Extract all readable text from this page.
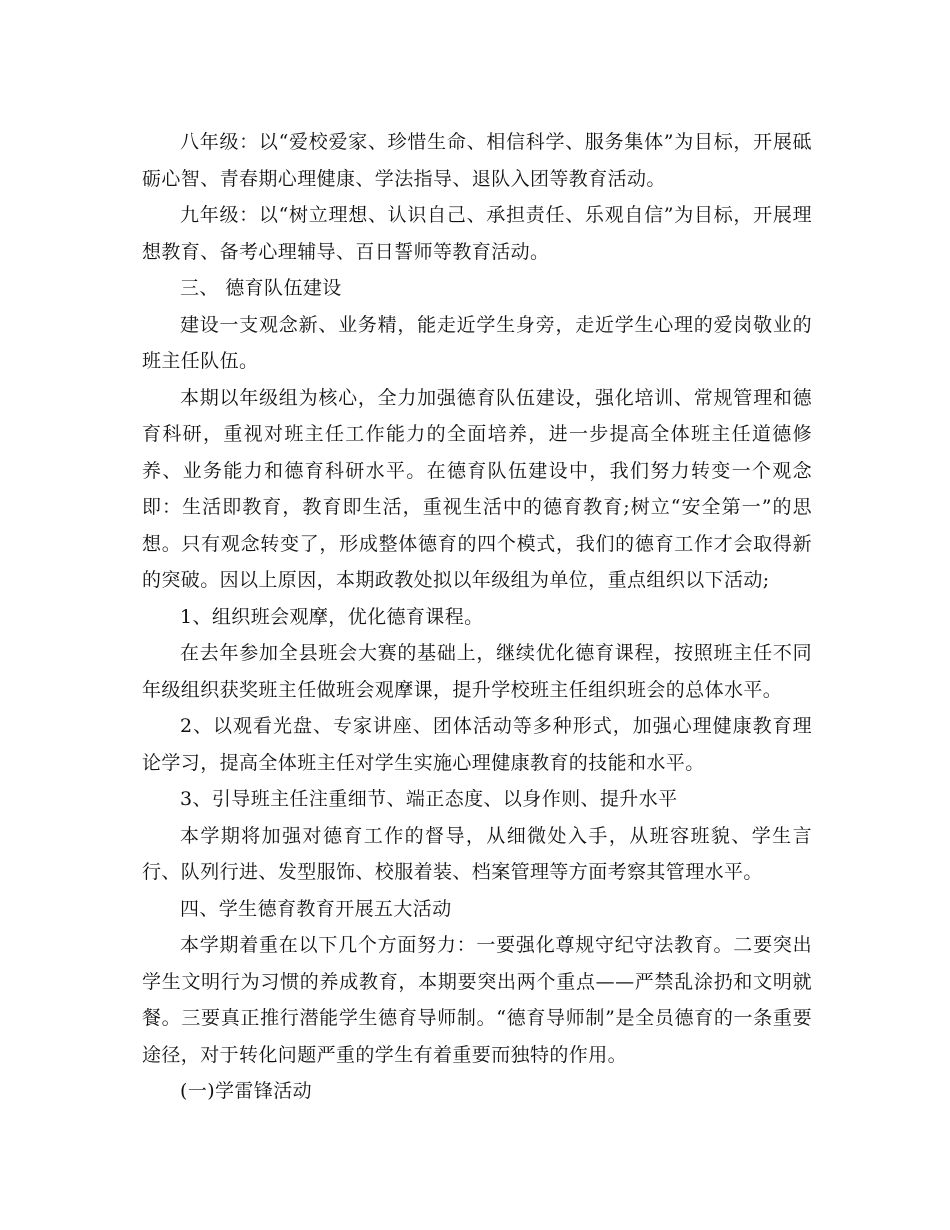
八年级：以“爱校爱家、珍惜生命、相信科学、服务集体”为目标，开展砥砺心智、青春期心理健康、学法指导、退队入团等教育活动。

九年级：以“树立理想、认识自己、承担责任、乐观自信”为目标，开展理想教育、备考心理辅导、百日誓师等教育活动。

三、 德育队伍建设

建设一支观念新、业务精，能走近学生身旁，走近学生心理的爱岗敬业的班主任队伍。

本期以年级组为核心，全力加强德育队伍建设，强化培训、常规管理和德育科研，重视对班主任工作能力的全面培养，进一步提高全体班主任道德修养、业务能力和德育科研水平。在德育队伍建设中，我们努力转变一个观念即：生活即教育，教育即生活，重视生活中的德育教育;树立“安全第一”的思想。只有观念转变了，形成整体德育的四个模式，我们的德育工作才会取得新的突破。因以上原因，本期政教处拟以年级组为单位，重点组织以下活动;

1、组织班会观摩，优化德育课程。

在去年参加全县班会大赛的基础上，继续优化德育课程，按照班主任不同年级组织获奖班主任做班会观摩课，提升学校班主任组织班会的总体水平。

2、以观看光盘、专家讲座、团体活动等多种形式，加强心理健康教育理论学习，提高全体班主任对学生实施心理健康教育的技能和水平。

3、引导班主任注重细节、端正态度、以身作则、提升水平

本学期将加强对德育工作的督导，从细微处入手，从班容班貌、学生言行、队列行进、发型服饰、校服着装、档案管理等方面考察其管理水平。

四、学生德育教育开展五大活动

本学期着重在以下几个方面努力：一要强化尊规守纪守法教育。二要突出学生文明行为习惯的养成教育，本期要突出两个重点——严禁乱涂扔和文明就餐。三要真正推行潜能学生德育导师制。“德育导师制”是全员德育的一条重要途径，对于转化问题严重的学生有着重要而独特的作用。

(一)学雷锋活动
